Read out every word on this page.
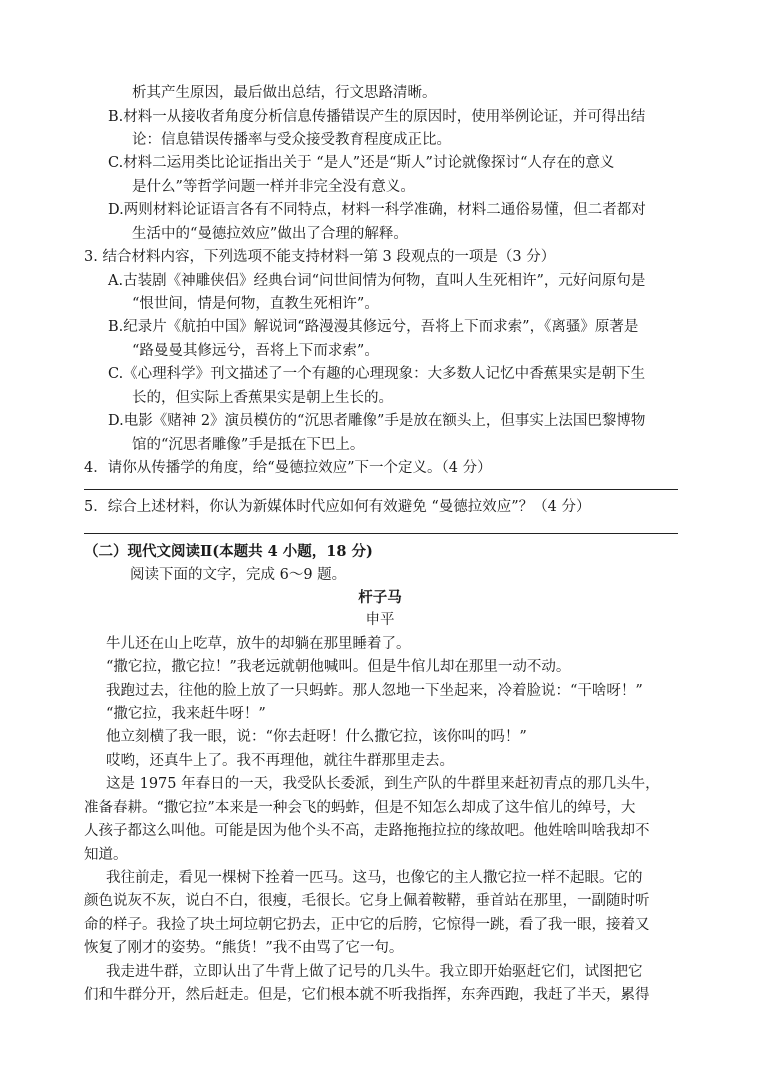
析其产生原因，最后做出总结，行文思路清晰。
B.材料一从接收者角度分析信息传播错误产生的原因时，使用举例论证，并可得出结
论：信息错误传播率与受众接受教育程度成正比。
C.材料二运用类比论证指出关于 “是人”还是“斯人”讨论就像探讨“人存在的意义
是什么”等哲学问题一样并非完全没有意义。
D.两则材料论证语言各有不同特点，材料一科学准确，材料二通俗易懂，但二者都对
生活中的“曼德拉效应”做出了合理的解释。
3. 结合材料内容，下列选项不能支持材料一第 3 段观点的一项是（3 分）
A.古装剧《神雕侠侣》经典台词“问世间情为何物，直叫人生死相许”，元好问原句是
“恨世间，情是何物，直教生死相许”。
B.纪录片《航拍中国》解说词“路漫漫其修远兮，吾将上下而求索”，《离骚》原著是
“路曼曼其修远兮，吾将上下而求索”。
C.《心理科学》刊文描述了一个有趣的心理现象：大多数人记忆中香蕉果实是朝下生
长的，但实际上香蕉果实是朝上生长的。
D.电影《赌神 2》演员模仿的“沉思者雕像”手是放在额头上，但事实上法国巴黎博物
馆的“沉思者雕像”手是抵在下巴上。
4．请你从传播学的角度，给“曼德拉效应”下一个定义。（4 分）
5．综合上述材料，你认为新媒体时代应如何有效避免 “曼德拉效应”？（4 分）
（二）现代文阅读Ⅱ(本题共 4 小题，18 分)
阅读下面的文字，完成 6～9 题。
杆子马
申平
牛儿还在山上吃草，放牛的却躺在那里睡着了。
“撒它拉，撒它拉！”我老远就朝他喊叫。但是牛倌儿却在那里一动不动。
我跑过去，往他的脸上放了一只蚂蚱。那人忽地一下坐起来，冷着脸说：“干啥呀！”
“撒它拉，我来赶牛呀！”
他立刻横了我一眼，说：“你去赶呀！什么撒它拉，该你叫的吗！”
哎哟，还真牛上了。我不再理他，就往牛群那里走去。
这是 1975 年春日的一天，我受队长委派，到生产队的牛群里来赶初青点的那几头牛，
准备春耕。“撒它拉”本来是一种会飞的蚂蚱，但是不知怎么却成了这牛倌儿的绰号，大
人孩子都这么叫他。可能是因为他个头不高，走路拖拖拉拉的缘故吧。他姓啥叫啥我却不
知道。
我往前走，看见一棵树下拴着一匹马。这马，也像它的主人撒它拉一样不起眼。它的
颜色说灰不灰，说白不白，很瘦，毛很长。它身上佩着鞍鞯，垂首站在那里，一副随时听
命的样子。我捡了块土坷垃朝它扔去，正中它的后胯，它惊得一跳，看了我一眼，接着又
恢复了刚才的姿势。“熊货！”我不由骂了它一句。
我走进牛群，立即认出了牛背上做了记号的几头牛。我立即开始驱赶它们，试图把它
们和牛群分开，然后赶走。但是，它们根本就不听我指挥，东奔西跑，我赶了半天，累得
